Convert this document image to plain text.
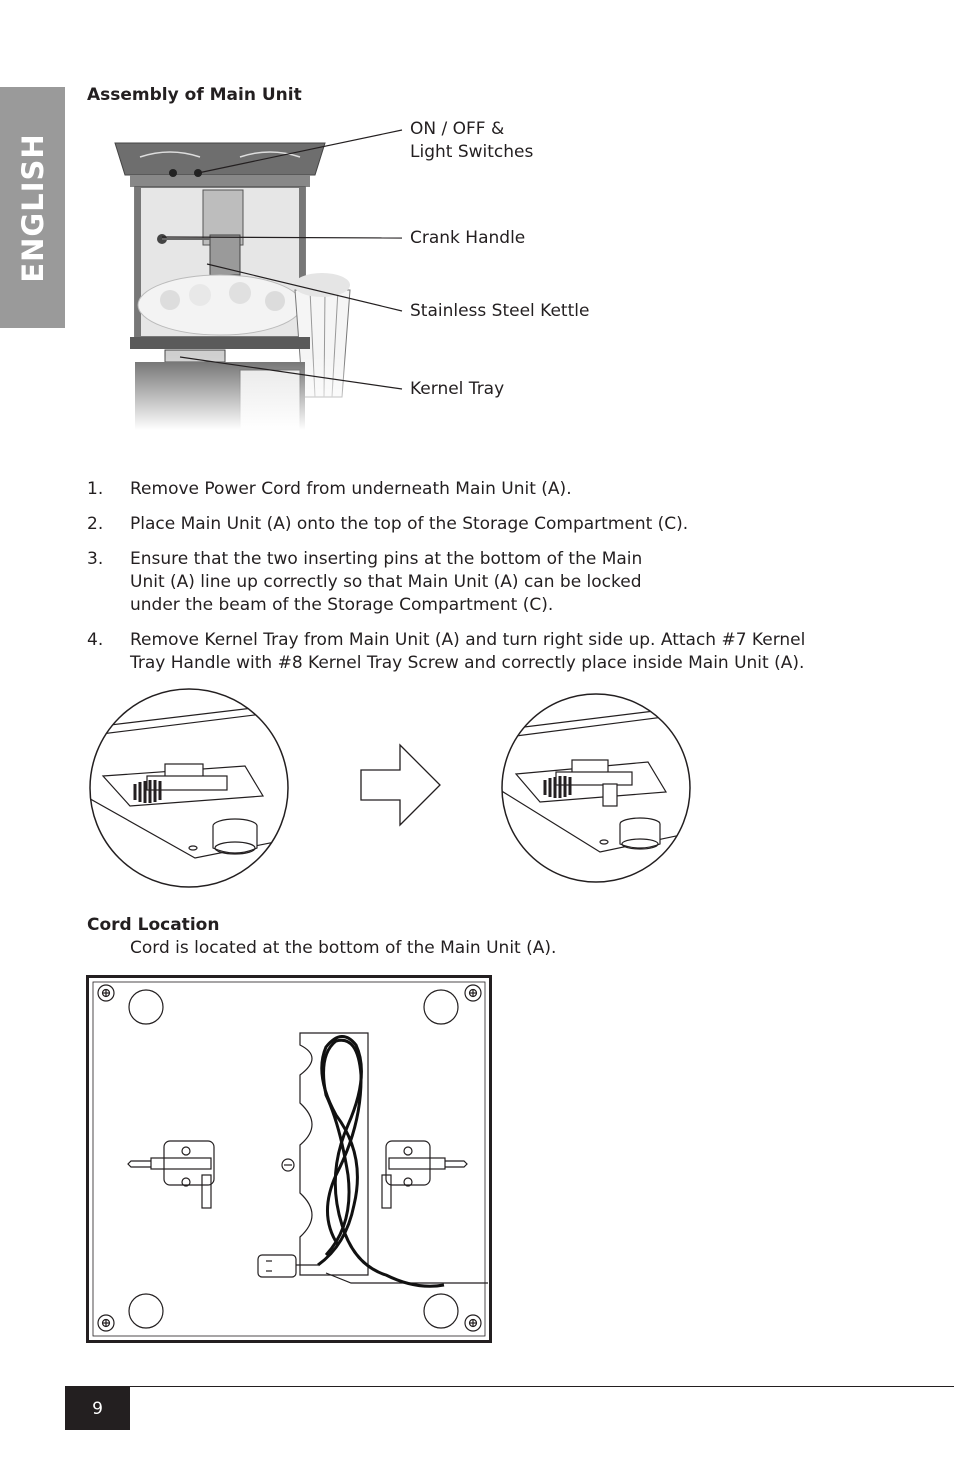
ENGLISH
Assembly of Main Unit
ON / OFF &
Light Switches
Crank Handle
Stainless Steel Kettle
Kernel Tray
1.	Remove Power Cord from underneath Main Unit (A).
2.	Place Main Unit (A) onto the top of the Storage Compartment (C).
3.	Ensure that the two inserting pins at the bottom of the Main
Unit (A) line up correctly so that Main Unit (A) can be locked
under the beam of the Storage Compartment (C).
4.	Remove Kernel Tray from Main Unit (A) and turn right side up. Attach #7 Kernel
Tray Handle with #8 Kernel Tray Screw and correctly place inside Main Unit (A).
Cord Location
Cord is located at the bottom of the Main Unit (A).
9
